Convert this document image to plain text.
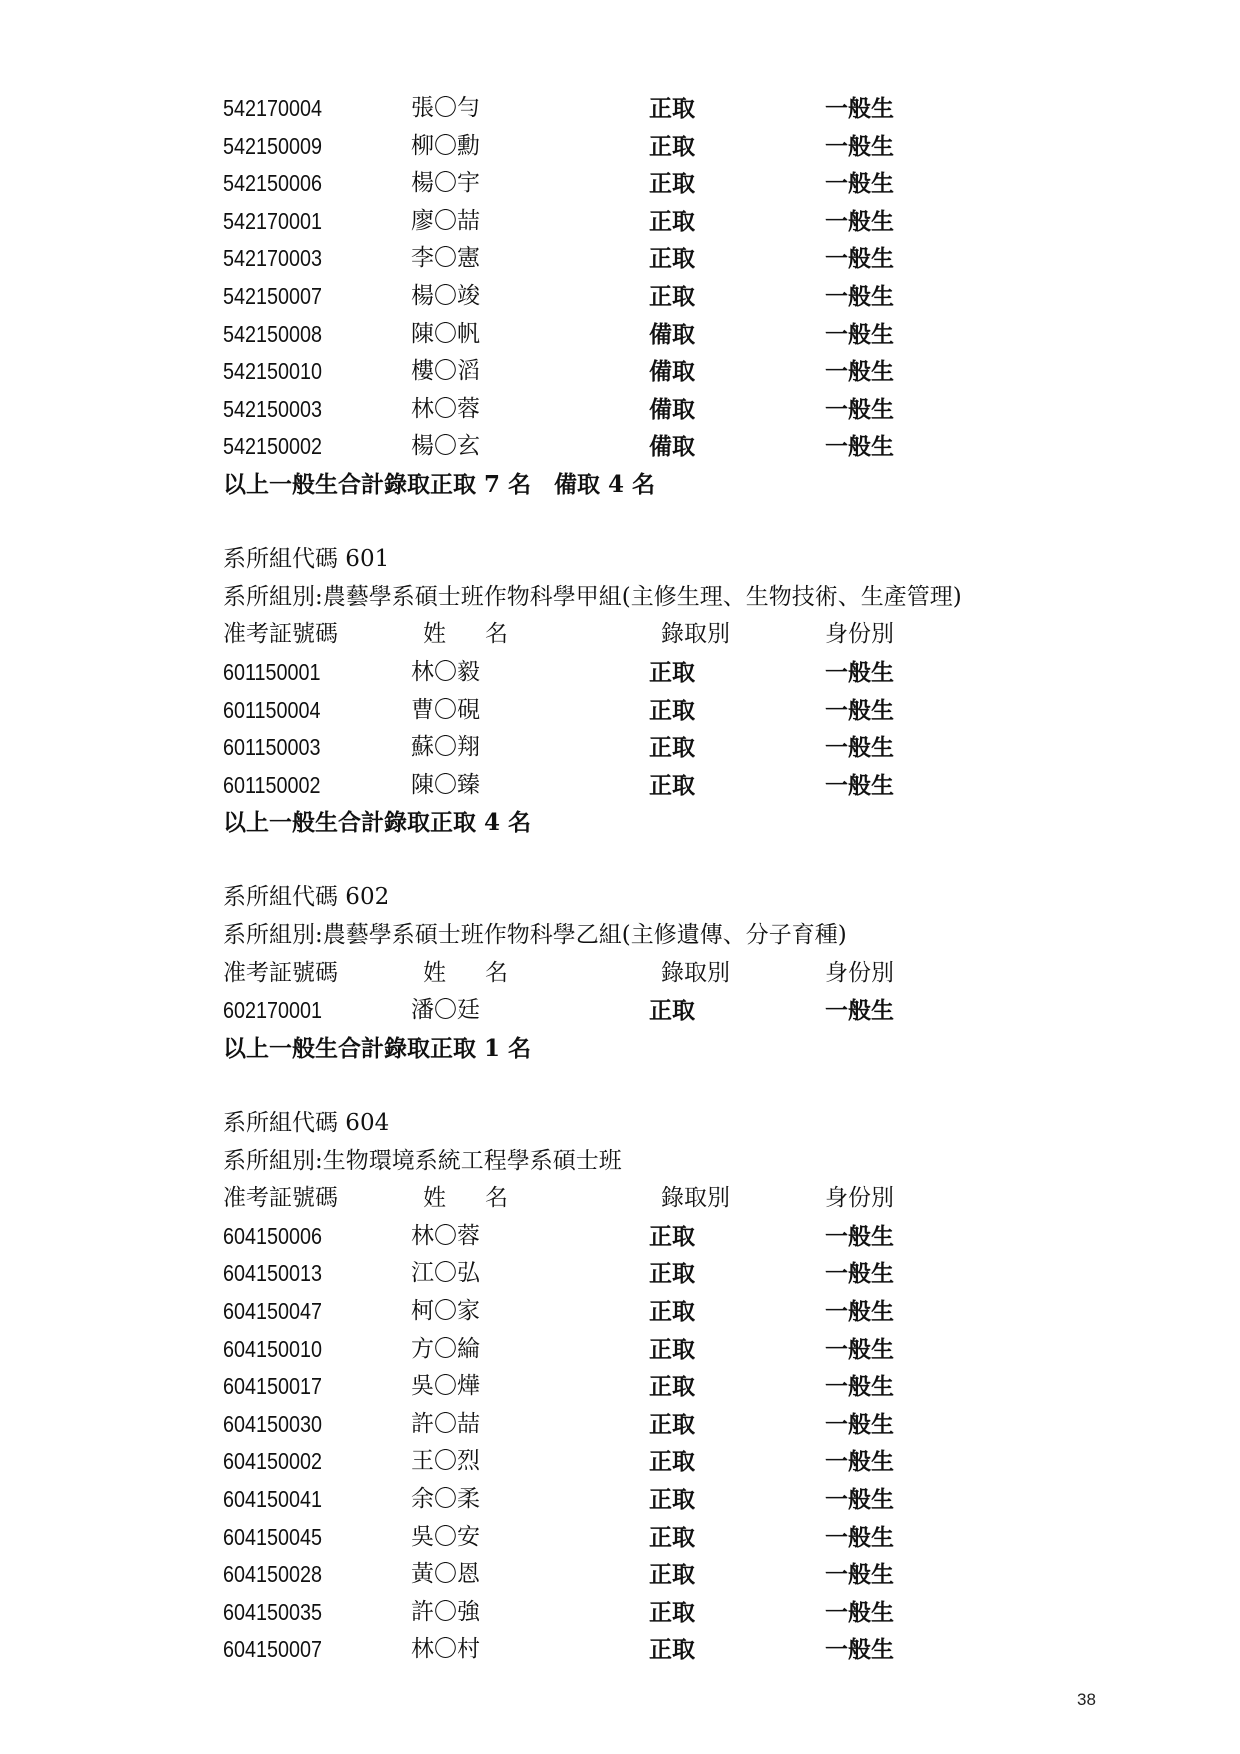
542170004	張〇勻	正取	一般生
542150009	柳〇勳	正取	一般生
542150006	楊〇宇	正取	一般生
542170001	廖〇喆	正取	一般生
542170003	李〇憲	正取	一般生
542150007	楊〇竣	正取	一般生
542150008	陳〇帆	備取	一般生
542150010	樓〇滔	備取	一般生
542150003	林〇蓉	備取	一般生
542150002	楊〇玄	備取	一般生
以上一般生合計錄取正取 7 名　備取 4 名
系所組代碼 601
系所組別:農藝學系碩士班作物科學甲組(主修生理、生物技術、生產管理)
准考証號碼	姓 名	錄取別	身份別
601150001	林〇毅	正取	一般生
601150004	曹〇硯	正取	一般生
601150003	蘇〇翔	正取	一般生
601150002	陳〇臻	正取	一般生
以上一般生合計錄取正取 4 名
系所組代碼 602
系所組別:農藝學系碩士班作物科學乙組(主修遺傳、分子育種)
准考証號碼	姓 名	錄取別	身份別
602170001	潘〇廷	正取	一般生
以上一般生合計錄取正取 1 名
系所組代碼 604
系所組別:生物環境系統工程學系碩士班
准考証號碼	姓 名	錄取別	身份別
604150006	林〇蓉	正取	一般生
604150013	江〇弘	正取	一般生
604150047	柯〇家	正取	一般生
604150010	方〇綸	正取	一般生
604150017	吳〇燁	正取	一般生
604150030	許〇喆	正取	一般生
604150002	王〇烈	正取	一般生
604150041	余〇柔	正取	一般生
604150045	吳〇安	正取	一般生
604150028	黃〇恩	正取	一般生
604150035	許〇強	正取	一般生
604150007	林〇村	正取	一般生
38
